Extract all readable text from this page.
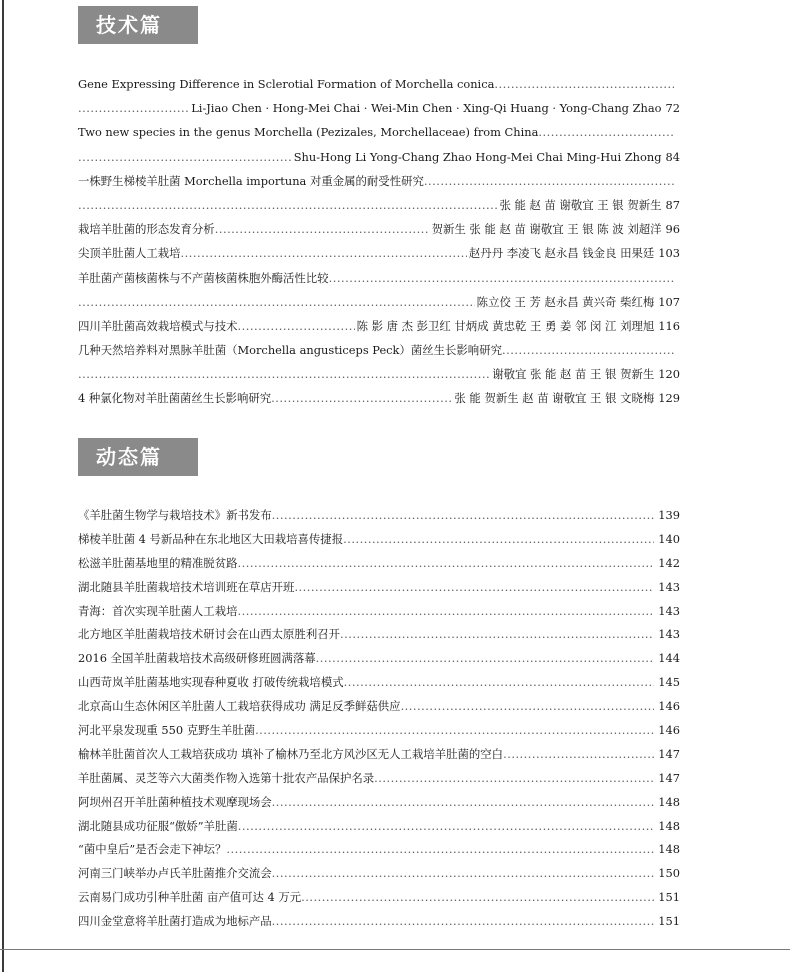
技术篇
Gene Expressing Difference in Sclerotial Formation of Morchella conica
.....
.....
Li-Jiao Chen · Hong-Mei Chai · Wei-Min Chen · Xing-Qi Huang · Yong-Chang Zhao 72
Two new species in the genus Morchella (Pezizales, Morchellaceae) from China
.....
.....
Shu-Hong Li Yong-Chang Zhao Hong-Mei Chai Ming-Hui Zhong 84
一株野生梯棱羊肚菌 Morchella importuna 对重金属的耐受性研究
.....
.....
张 能 赵 苗 谢敬宜 王 银 贺新生 87
栽培羊肚菌的形态发育分析 .....	贺新生 张 能 赵 苗 谢敬宜 王 银 陈 波 刘超洋 96
尖顶羊肚菌人工栽培 .....	赵丹丹 李凌飞 赵永昌 钱金良 田果廷 103
羊肚菌产菌核菌株与不产菌核菌株胞外酶活性比较
.....
.....
陈立佼 王 芳 赵永昌 黄兴奇 柴红梅 107
四川羊肚菌高效栽培模式与技术 .....	陈 影 唐 杰 彭卫红 甘炳成 黄忠乾 王 勇 姜 邻 闵 江 刘理旭 116
几种天然培养料对黑脉羊肚菌（Morchella angusticeps Peck）菌丝生长影响研究
.....
.....
谢敬宜 张 能 赵 苗 王 银 贺新生 120
4 种氯化物对羊肚菌菌丝生长影响研究 .....	张 能 贺新生 赵 苗 谢敬宜 王 银 文晓梅 129
动态篇
《羊肚菌生物学与栽培技术》新书发布 .....	139
梯棱羊肚菌 4 号新品种在东北地区大田栽培喜传捷报 .....	140
松滋羊肚菌基地里的精准脱贫路 .....	142
湖北随县羊肚菌栽培技术培训班在草店开班 .....	143
青海：首次实现羊肚菌人工栽培 .....	143
北方地区羊肚菌栽培技术研讨会在山西太原胜利召开 .....	143
2016 全国羊肚菌栽培技术高级研修班圆满落幕 .....	144
山西苛岚羊肚菌基地实现春种夏收 打破传统栽培模式 .....	145
北京高山生态休闲区羊肚菌人工栽培获得成功 满足反季鲜菇供应 .....	146
河北平泉发现重 550 克野生羊肚菌 .....	146
榆林羊肚菌首次人工栽培获成功 填补了榆林乃至北方风沙区无人工栽培羊肚菌的空白 .....	147
羊肚菌属、灵芝等六大菌类作物入选第十批农产品保护名录 .....	147
阿坝州召开羊肚菌种植技术观摩现场会 .....	148
湖北随县成功征服“傲娇”羊肚菌 .....	148
“菌中皇后”是否会走下神坛？ .....	148
河南三门峡举办卢氏羊肚菌推介交流会 .....	150
云南易门成功引种羊肚菌 亩产值可达 4 万元 .....	151
四川金堂意将羊肚菌打造成为地标产品 .....	151
